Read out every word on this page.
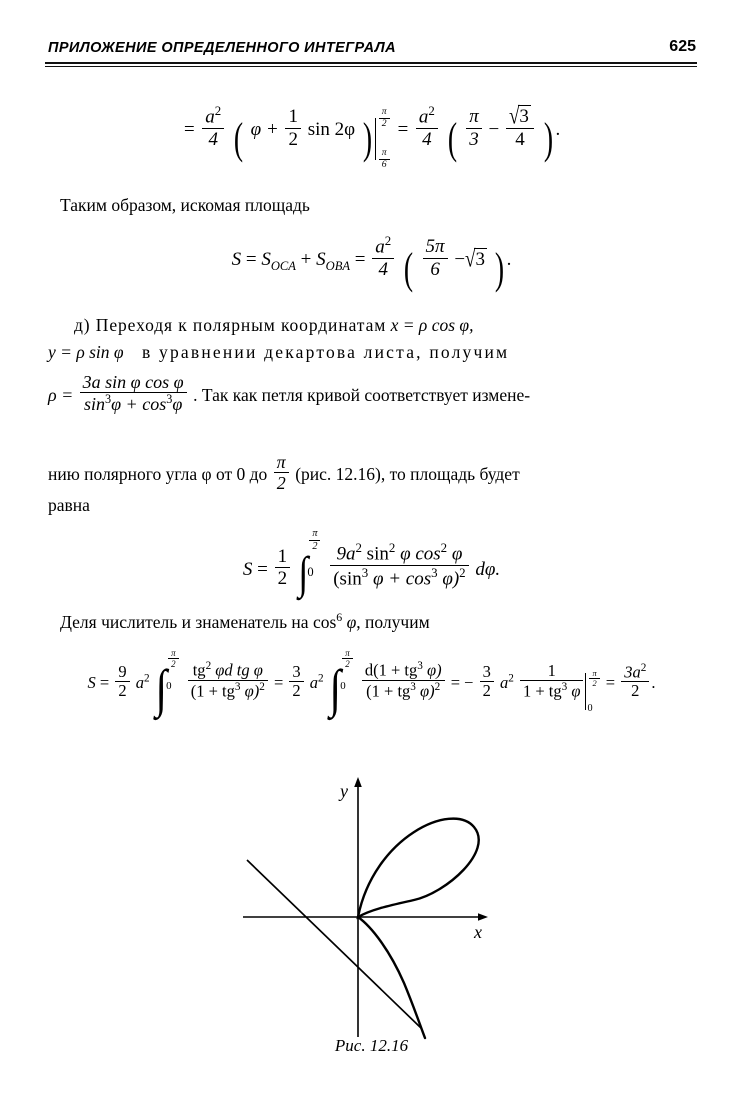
ПРИЛОЖЕНИЕ ОПРЕДЕЛЕННОГО ИНТЕГРАЛА	625
= $\frac{a^2}{4}$ ( $\varphi + \frac{1}{2}$ sin 2φ ) $\frac{\pi}{2}$
$\frac{\pi}{6}$
= $\frac{a^2}{4}$ ( $\frac{\pi}{3} - \frac{√3}{4}$ ) .
Таким образом, искомая площадь
$S = S_{OCA} + S_{OBA} = \frac{a^2}{4}$ ( $\frac{5\pi}{6} -√3$ ) .
д) Переходя к полярным координатам x = ρ cos φ,
y = ρ sin φ в уравнении декартова листа, получим
$\rho = \frac{\text{3a sin φ cos φ}}{\sin^3\varphi + \cos^3\varphi}$ . Так как петля кривой соответствует измене-
нию полярного угла φ от 0 до $\frac{\pi}{2} (рис$. 12.16), то площадь будет
равна
$S = \frac{1}{2}$ ∫
$\frac{\pi}{2}$
0
$\frac{9a^2 \sin^2 \varphi \cos^2 \varphi}{(\sin^3 \varphi + \cos^3 \varphi)^2} d\varphi$.
Деля числитель и знаменатель на $\cos^6 \varphi$, получим
$S = \frac{9}{2} a^2$ ∫
$\frac{\pi}{2}$
0
$\frac{tg^2 \varphi d tg \varphi}{(1 + tg^3 \varphi)^2} = \frac{3}{2} a^2$ ∫
$\frac{\pi}{2}$
0
$\frac{d(1 + tg^3 \varphi)}{(1 + tg^3 \varphi)^2}$ = − $\frac{3}{2} a^2 \frac{1}{1 + tg^3 \varphi} \frac{\pi}{2}$
0
= $\frac{3a^2}{2}$ .
y
x
Рис. 12.16
